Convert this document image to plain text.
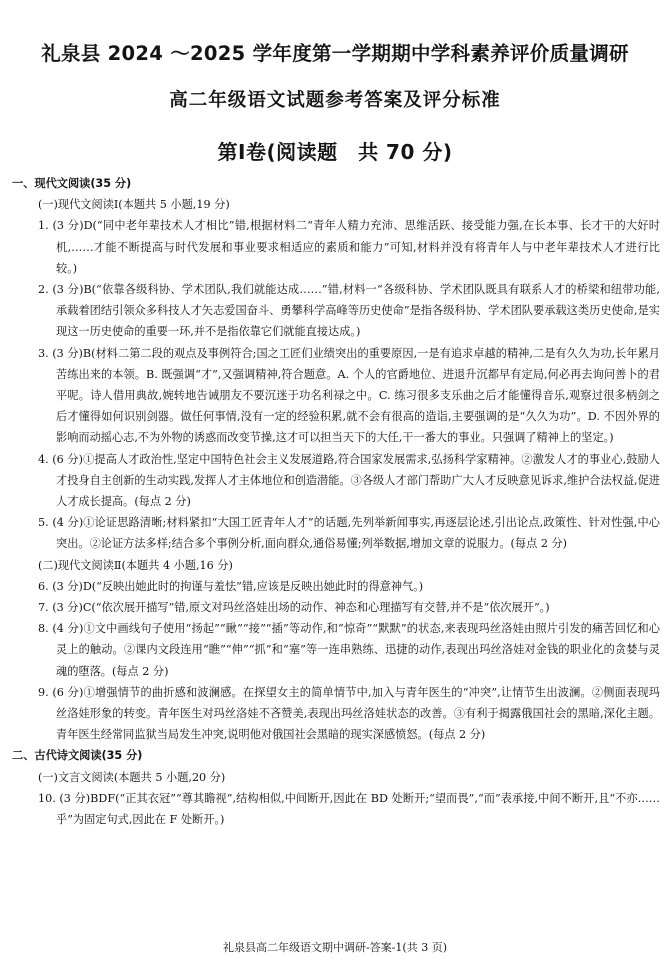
礼泉县 2024 ～2025 学年度第一学期期中学科素养评价质量调研
高二年级语文试题参考答案及评分标准
第Ⅰ卷(阅读题　共 70 分)
一、现代文阅读(35 分)
(一)现代文阅读Ⅰ(本题共 5 小题,19 分)

1. (3 分)D(“同中老年辈技术人才相比”错,根据材料二“青年人精力充沛、思维活跃、接受能力强,在长本事、长才干的大好时机,……才能不断提高与时代发展和事业要求相适应的素质和能力”可知,材料并没有将青年人与中老年辈技术人才进行比较。)

2. (3 分)B(“依靠各级科协、学术团队,我们就能达成……”错,材料一“各级科协、学术团队既具有联系人才的桥梁和纽带功能,承载着团结引领众多科技人才矢志爱国奋斗、勇攀科学高峰等历史使命”是指各级科协、学术团队要承载这类历史使命,是实现这一历史使命的重要一环,并不是指依靠它们就能直接达成。)

3. (3 分)B(材料二第二段的观点及事例符合;国之工匠们业绩突出的重要原因,一是有追求卓越的精神,二是有久久为功,长年累月苦练出来的本领。B. 既强调“才”,又强调精神,符合题意。A. 个人的官爵地位、进退升沉都早有定局,何必再去询问善卜的君平呢。诗人借用典故,婉转地告诫朋友不要沉迷于功名利禄之中。C. 练习很多支乐曲之后才能懂得音乐,观察过很多柄剑之后才懂得如何识别剑器。做任何事情,没有一定的经验积累,就不会有很高的造诣,主要强调的是“久久为功”。D. 不因外界的影响而动摇心志,不为外物的诱惑而改变节操,这才可以担当天下的大任,干一番大的事业。只强调了精神上的坚定。)

4. (6 分)①提高人才政治性,坚定中国特色社会主义发展道路,符合国家发展需求,弘扬科学家精神。②激发人才的事业心,鼓励人才投身自主创新的生动实践,发挥人才主体地位和创造潜能。③各级人才部门帮助广大人才反映意见诉求,维护合法权益,促进人才成长提高。(每点 2 分)

5. (4 分)①论证思路清晰;材料紧扣“大国工匠青年人才”的话题,先列举新闻事实,再逐层论述,引出论点,政策性、针对性强,中心突出。②论证方法多样;结合多个事例分析,面向群众,通俗易懂;列举数据,增加文章的说服力。(每点 2 分)

(二)现代文阅读Ⅱ(本题共 4 小题,16 分)

6. (3 分)D(“反映出她此时的拘谨与羞怯”错,应该是反映出她此时的得意神气。)

7. (3 分)C(“依次展开描写”错,原文对玛丝洛娃出场的动作、神态和心理描写有交替,并不是“依次展开”。)

8. (4 分)①文中画线句子使用“扬起”“瞅”“接”“插”等动作,和“惊奇”“默默”的状态,来表现玛丝洛娃由照片引发的痛苦回忆和心灵上的触动。②课内文段连用“瞧”“伸”“抓”和“塞”等一连串熟练、迅捷的动作,表现出玛丝洛娃对金钱的职业化的贪婪与灵魂的堕落。(每点 2 分)

9. (6 分)①增强情节的曲折感和波澜感。在探望女主的简单情节中,加入与青年医生的“冲突”,让情节生出波澜。②侧面表现玛丝洛娃形象的转变。青年医生对玛丝洛娃不吝赞美,表现出玛丝洛娃状态的改善。③有利于揭露俄国社会的黑暗,深化主题。青年医生经常同监狱当局发生冲突,说明他对俄国社会黑暗的现实深感愤怒。(每点 2 分)

二、古代诗文阅读(35 分)
(一)文言文阅读(本题共 5 小题,20 分)

10. (3 分)BDF(“正其衣冠”“尊其瞻视”,结构相似,中间断开,因此在 BD 处断开;“望而畏”,“而”表承接,中间不断开,且“不亦……乎”为固定句式,因此在 F 处断开。)

礼泉县高二年级语文期中调研-答案-1(共 3 页)
